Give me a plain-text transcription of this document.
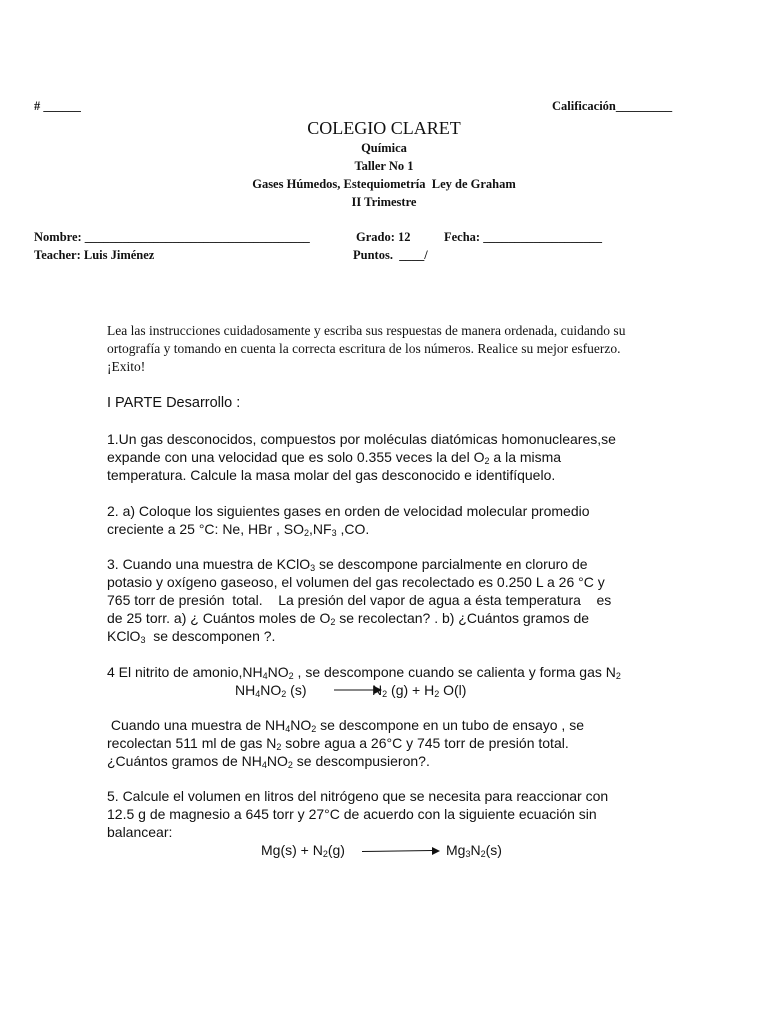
# ______	Calificación_________
COLEGIO CLARET
Química
Taller No 1
Gases Húmedos, Estequiometría  Ley de Graham
II Trimestre
Nombre: ____________________________________	Grado: 12	Fecha: ___________________
Teacher: Luis Jiménez	Puntos.  ____/
Lea las instrucciones cuidadosamente y escriba sus respuestas de manera ordenada, cuidando su
ortografía y tomando en cuenta la correcta escritura de los números. Realice su mejor esfuerzo.
¡Exito!
I PARTE Desarrollo :
1.Un gas desconocidos, compuestos por moléculas diatómicas homonucleares,se
expande con una velocidad que es solo 0.355 veces la del $O_2$ a la misma
temperatura. Calcule la masa molar del gas desconocido e identifíquelo.
2. a) Coloque los siguientes gases en orden de velocidad molecular promedio
creciente a 25 °C: Ne, HBr , $SO_2,NF_3$ ,CO.
3. Cuando una muestra de KClO$_3$ se descompone parcialmente en cloruro de
potasio y oxígeno gaseoso, el volumen del gas recolectado es 0.250 L a 26 °C y
765 torr de presión  total.    La presión del vapor de agua a ésta temperatura    es
de 25 torr. a) ¿ Cuántos moles de $O_2$ se recolectan? . b) ¿Cuántos gramos de
KClO$_3$  se descomponen ?.
4 El nitrito de $amonio,NH_4NO_2$ , se descompone cuando se calienta y forma gas $N_2$
$NH_4NO_2$ (s)	$N_2$ $(g) + H_2$ O(l)
Cuando una muestra de $NH_4NO_2$ se descompone en un tubo de ensayo , se
recolectan 511 ml de gas $N_2$ sobre agua a 26°C y 745 torr de presión total.
¿Cuántos gramos de $NH_4NO_2$ se descompusieron?.
5. Calcule el volumen en litros del nitrógeno que se necesita para reaccionar con
12.5 g de magnesio a 645 torr y 27°C de acuerdo con la siguiente ecuación sin
balancear:
$Mg(s) + N_2(g)$	$Mg_3N_2(s)$
